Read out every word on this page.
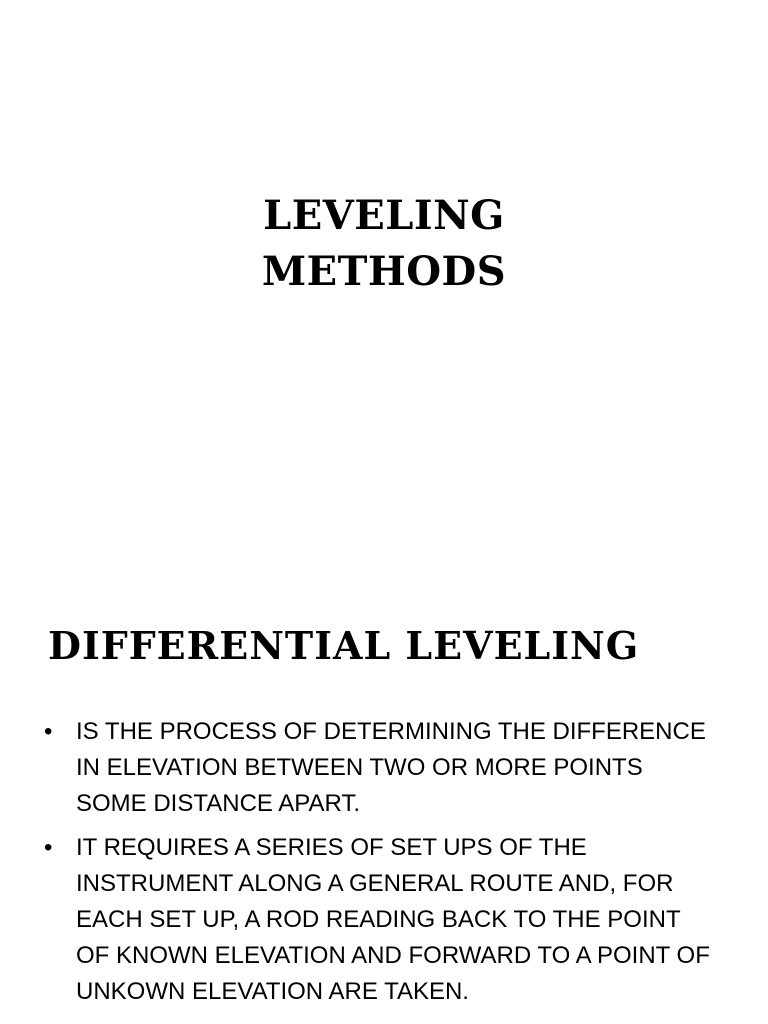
LEVELING
METHODS
DIFFERENTIAL LEVELING
• IS THE PROCESS OF DETERMINING THE DIFFERENCE IN ELEVATION BETWEEN TWO OR MORE POINTS SOME DISTANCE APART.
• IT REQUIRES A SERIES OF SET UPS OF THE INSTRUMENT ALONG A GENERAL ROUTE AND, FOR EACH SET UP, A ROD READING BACK TO THE POINT OF KNOWN ELEVATION AND FORWARD TO A POINT OF UNKOWN ELEVATION ARE TAKEN.
